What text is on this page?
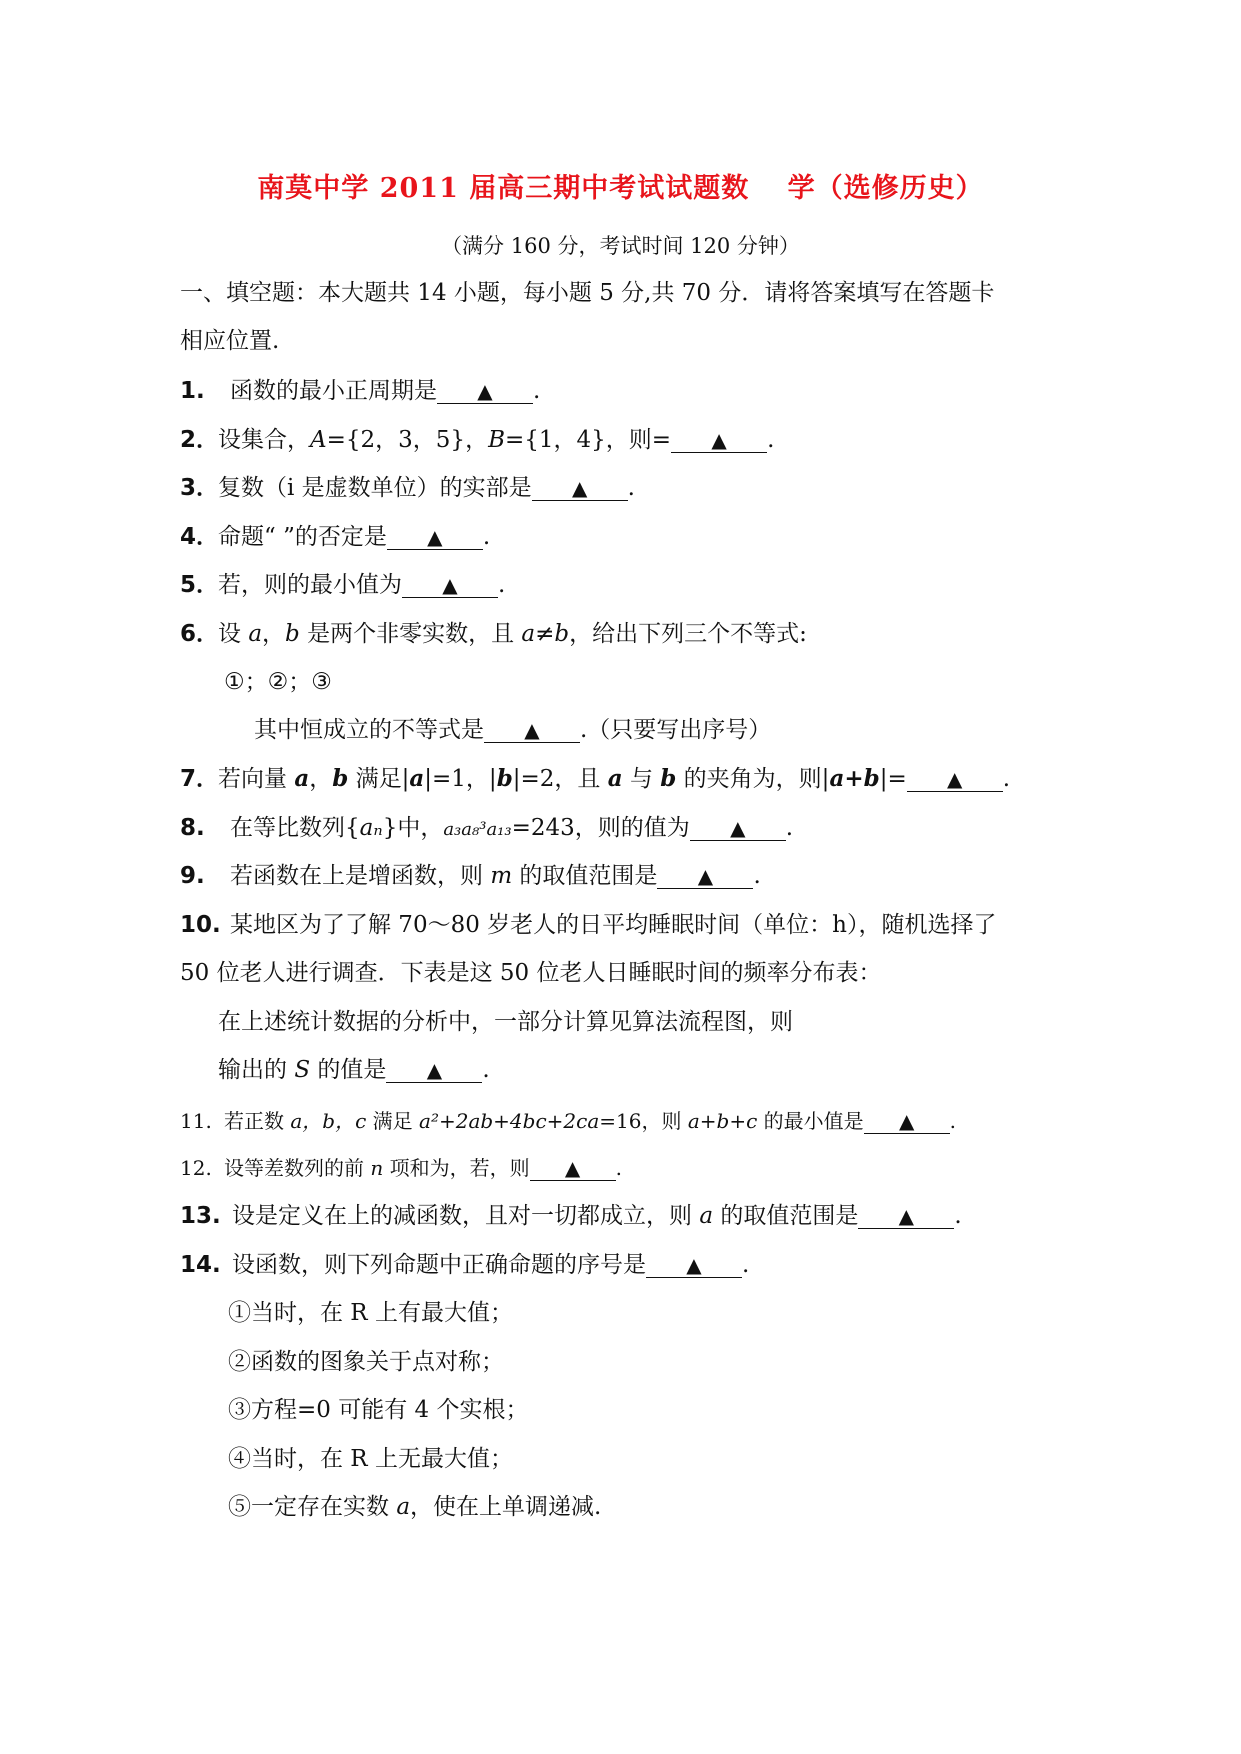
南莫中学 2011 届高三期中考试试题数　 学（选修历史）
（满分 160 分，考试时间 120 分钟）
一、填空题：本大题共 14 小题，每小题 5 分,共 70 分．请将答案填写在答题卡
相应位置.
1. 函数的最小正周期是 ▲ .
2．设集合，A={2，3，5}，B={1，4}，则= ▲ .
3．复数（i 是虚数单位）的实部是 ▲ .
4．命题“ ”的否定是 ▲ .
5．若，则的最小值为 ▲ .
6．设 a，b 是两个非零实数，且 a≠b，给出下列三个不等式:
①；②；③
其中恒成立的不等式是 ▲ .（只要写出序号）
7．若向量 a，b 满足|a|=1，|b|=2，且 a 与 b 的夹角为，则|a+b|= ▲ .
8. 在等比数列{aₙ}中，a₃a₈³a₁₃=243，则的值为 ▲ .
9. 若函数在上是增函数，则 m 的取值范围是 ▲ .
10. 某地区为了了解 70～80 岁老人的日平均睡眠时间（单位：h），随机选择了
50 位老人进行调查．下表是这 50 位老人日睡眠时间的频率分布表：
在上述统计数据的分析中，一部分计算见算法流程图，则
输出的 S 的值是 ▲ .
11. 若正数 a，b，c 满足 a²+2ab+4bc+2ca=16，则 a+b+c 的最小值是 ▲ .
12. 设等差数列的前 n 项和为，若，则 ▲ .
13. 设是定义在上的减函数，且对一切都成立，则 a 的取值范围是 ▲ .
14. 设函数，则下列命题中正确命题的序号是 ▲ .
①当时，在 R 上有最大值；
②函数的图象关于点对称；
③方程=0 可能有 4 个实根；
④当时，在 R 上无最大值；
⑤一定存在实数 a，使在上单调递减.
